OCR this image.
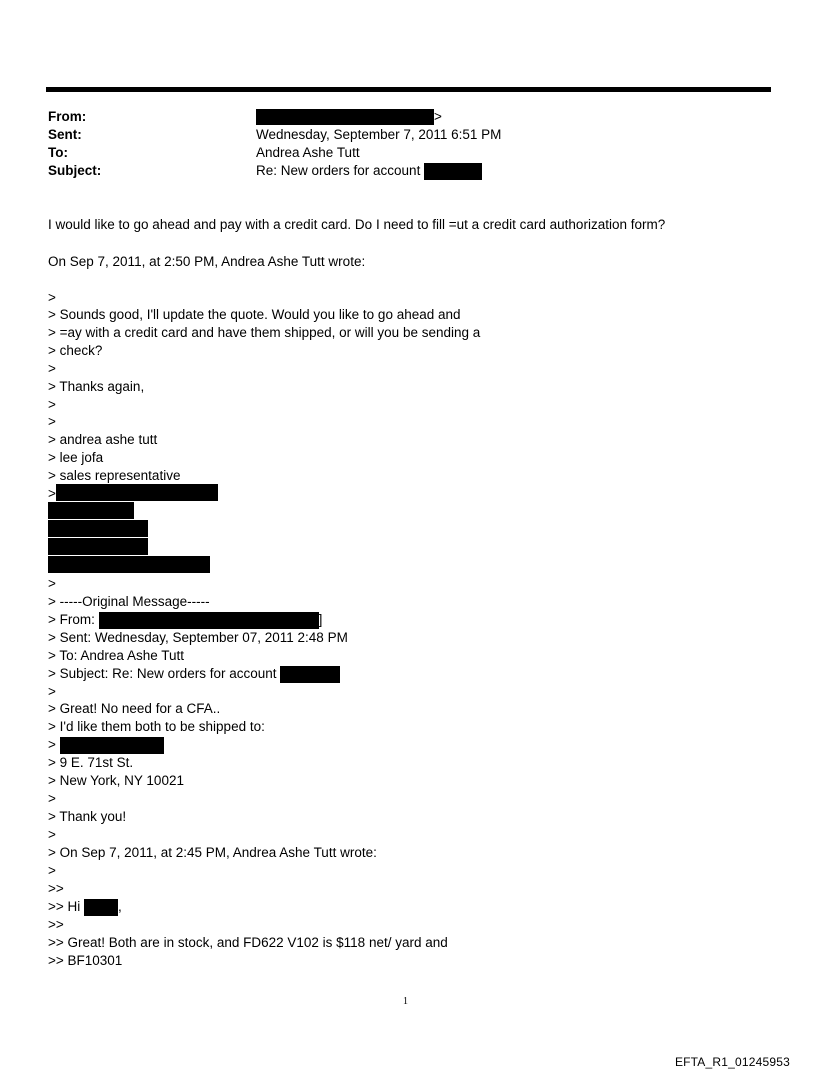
From:	>
Sent:	Wednesday, September 7, 2011 6:51 PM
To:	Andrea Ashe Tutt
Subject:	Re: New orders for account
I would like to go ahead and pay with a credit card. Do I need to fill =ut a credit card authorization form?
On Sep 7, 2011, at 2:50 PM, Andrea Ashe Tutt wrote:
>
> Sounds good, I'll update the quote. Would you like to go ahead and
> =ay with a credit card and have them shipped, or will you be sending a
> check?
>
> Thanks again,
>
>
> andrea ashe tutt
> lee jofa
> sales representative
>
>
> -----Original Message-----
> From:	]
> Sent: Wednesday, September 07, 2011 2:48 PM
> To: Andrea Ashe Tutt
> Subject: Re: New orders for account
>
> Great! No need for a CFA..
> I'd like them both to be shipped to:
>
> 9 E. 71st St.
> New York, NY 10021
>
> Thank you!
>
> On Sep 7, 2011, at 2:45 PM, Andrea Ashe Tutt wrote:
>
>>
>> Hi	,
>>
>> Great! Both are in stock, and FD622 V102 is $118 net/ yard and
>> BF10301
1
EFTA_R1_01245953
